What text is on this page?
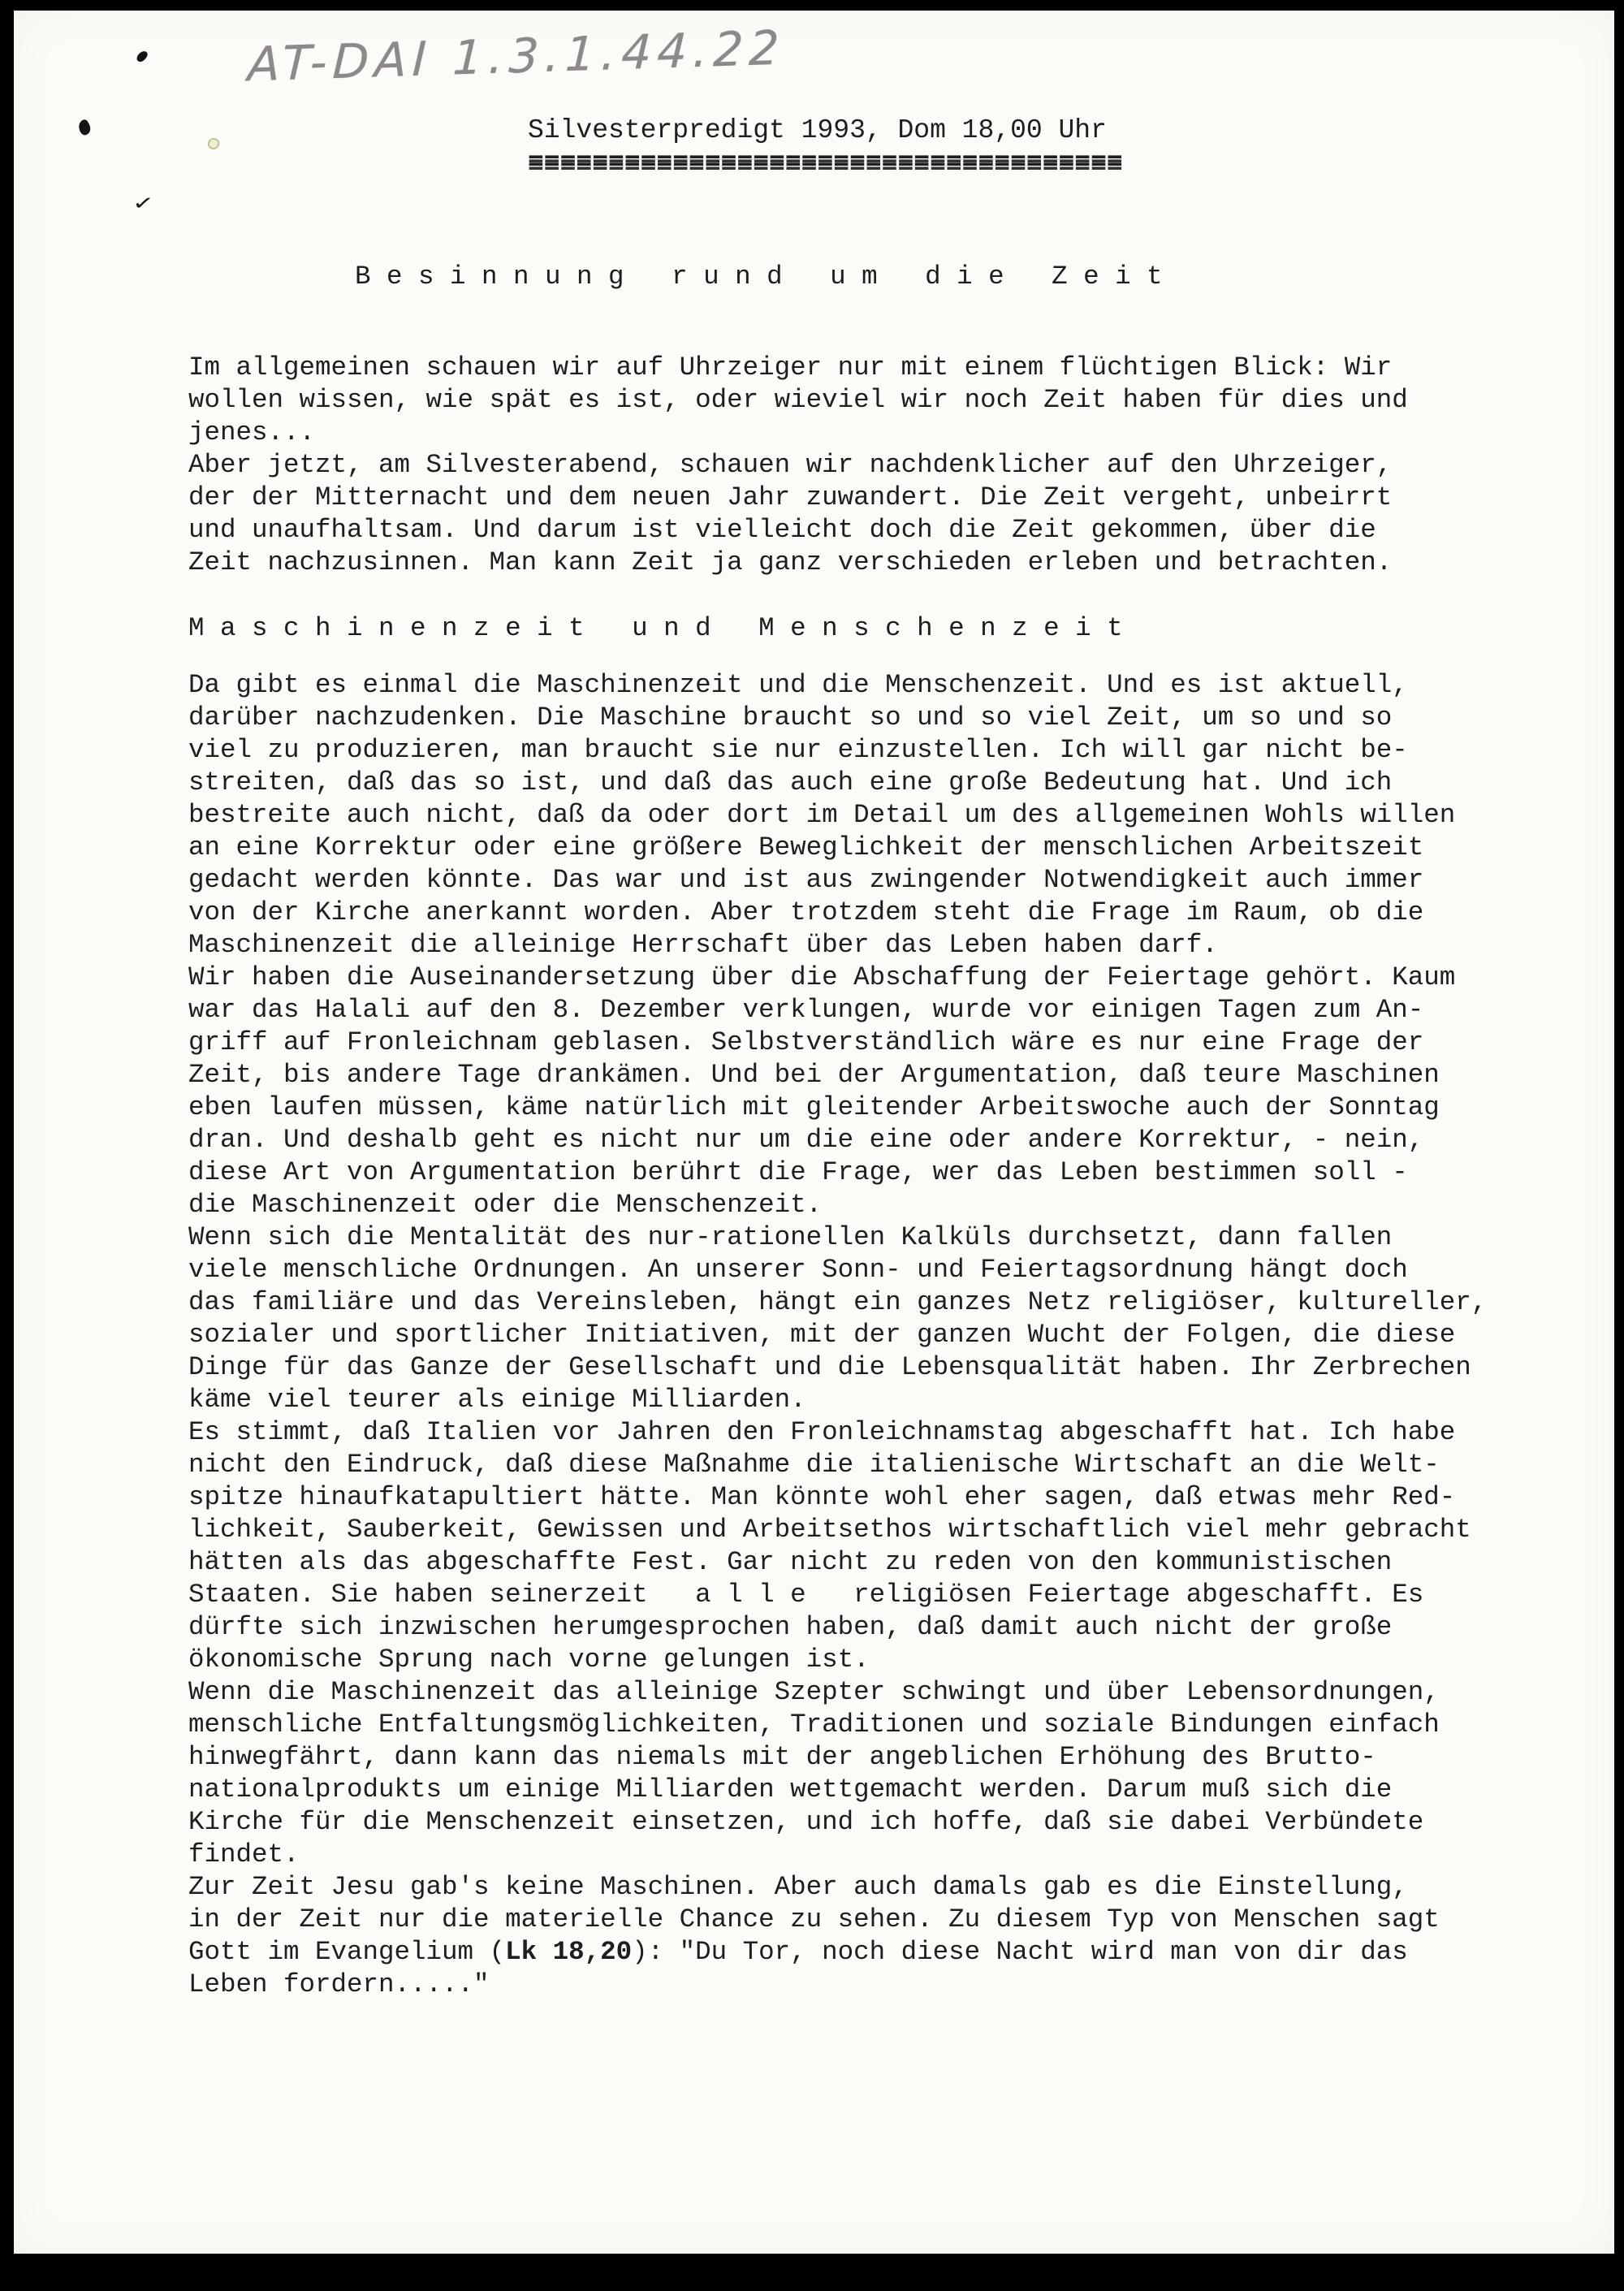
AT-DAI 1.3.1.44.22
✓
Silvesterpredigt 1993, Dom 18,00 Uhr
=====================================
B e s i n n u n g   r u n d   u m   d i e   Z e i t
Im allgemeinen schauen wir auf Uhrzeiger nur mit einem flüchtigen Blick: Wir
wollen wissen, wie spät es ist, oder wieviel wir noch Zeit haben für dies und
jenes...
Aber jetzt, am Silvesterabend, schauen wir nachdenklicher auf den Uhrzeiger,
der der Mitternacht und dem neuen Jahr zuwandert. Die Zeit vergeht, unbeirrt
und unaufhaltsam. Und darum ist vielleicht doch die Zeit gekommen, über die
Zeit nachzusinnen. Man kann Zeit ja ganz verschieden erleben und betrachten.
M a s c h i n e n z e i t   u n d   M e n s c h e n z e i t
Da gibt es einmal die Maschinenzeit und die Menschenzeit. Und es ist aktuell,
darüber nachzudenken. Die Maschine braucht so und so viel Zeit, um so und so
viel zu produzieren, man braucht sie nur einzustellen. Ich will gar nicht be-
streiten, daß das so ist, und daß das auch eine große Bedeutung hat. Und ich
bestreite auch nicht, daß da oder dort im Detail um des allgemeinen Wohls willen
an eine Korrektur oder eine größere Beweglichkeit der menschlichen Arbeitszeit
gedacht werden könnte. Das war und ist aus zwingender Notwendigkeit auch immer
von der Kirche anerkannt worden. Aber trotzdem steht die Frage im Raum, ob die
Maschinenzeit die alleinige Herrschaft über das Leben haben darf.
Wir haben die Auseinandersetzung über die Abschaffung der Feiertage gehört. Kaum
war das Halali auf den 8. Dezember verklungen, wurde vor einigen Tagen zum An-
griff auf Fronleichnam geblasen. Selbstverständlich wäre es nur eine Frage der
Zeit, bis andere Tage drankämen. Und bei der Argumentation, daß teure Maschinen
eben laufen müssen, käme natürlich mit gleitender Arbeitswoche auch der Sonntag
dran. Und deshalb geht es nicht nur um die eine oder andere Korrektur, - nein,
diese Art von Argumentation berührt die Frage, wer das Leben bestimmen soll -
die Maschinenzeit oder die Menschenzeit.
Wenn sich die Mentalität des nur-rationellen Kalküls durchsetzt, dann fallen
viele menschliche Ordnungen. An unserer Sonn- und Feiertagsordnung hängt doch
das familiäre und das Vereinsleben, hängt ein ganzes Netz religiöser, kultureller,
sozialer und sportlicher Initiativen, mit der ganzen Wucht der Folgen, die diese
Dinge für das Ganze der Gesellschaft und die Lebensqualität haben. Ihr Zerbrechen
käme viel teurer als einige Milliarden.
Es stimmt, daß Italien vor Jahren den Fronleichnamstag abgeschafft hat. Ich habe
nicht den Eindruck, daß diese Maßnahme die italienische Wirtschaft an die Welt-
spitze hinaufkatapultiert hätte. Man könnte wohl eher sagen, daß etwas mehr Red-
lichkeit, Sauberkeit, Gewissen und Arbeitsethos wirtschaftlich viel mehr gebracht
hätten als das abgeschaffte Fest. Gar nicht zu reden von den kommunistischen
Staaten. Sie haben seinerzeit   a l l e   religiösen Feiertage abgeschafft. Es
dürfte sich inzwischen herumgesprochen haben, daß damit auch nicht der große
ökonomische Sprung nach vorne gelungen ist.
Wenn die Maschinenzeit das alleinige Szepter schwingt und über Lebensordnungen,
menschliche Entfaltungsmöglichkeiten, Traditionen und soziale Bindungen einfach
hinwegfährt, dann kann das niemals mit der angeblichen Erhöhung des Brutto-
nationalprodukts um einige Milliarden wettgemacht werden. Darum muß sich die
Kirche für die Menschenzeit einsetzen, und ich hoffe, daß sie dabei Verbündete
findet.
Zur Zeit Jesu gab's keine Maschinen. Aber auch damals gab es die Einstellung,
in der Zeit nur die materielle Chance zu sehen. Zu diesem Typ von Menschen sagt
Gott im Evangelium (Lk 18,20): "Du Tor, noch diese Nacht wird man von dir das
Leben fordern....."
